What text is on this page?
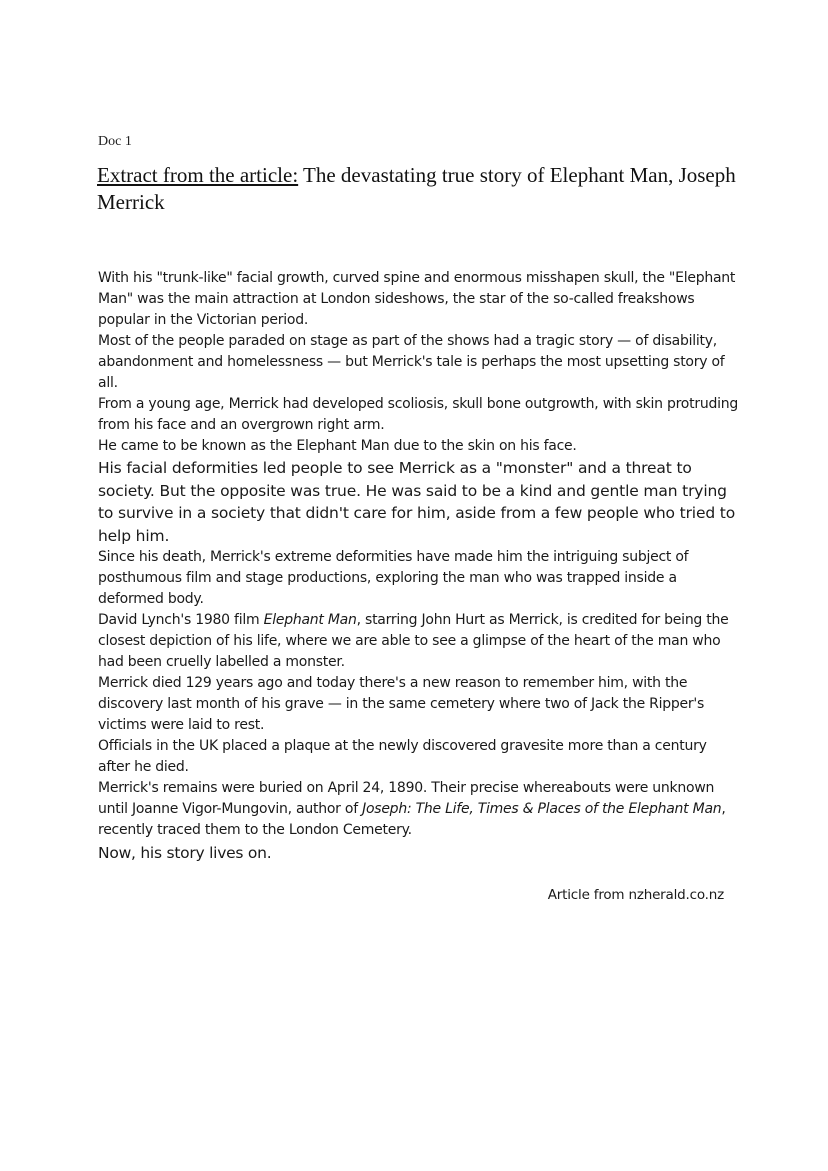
Doc 1
Extract from the article: The devastating true story of Elephant Man, Joseph Merrick

With his "trunk-like" facial growth, curved spine and enormous misshapen skull, the "Elephant Man" was the main attraction at London sideshows, the star of the so-called freakshows popular in the Victorian period.

Most of the people paraded on stage as part of the shows had a tragic story — of disability, abandonment and homelessness — but Merrick's tale is perhaps the most upsetting story of all.

From a young age, Merrick had developed scoliosis, skull bone outgrowth, with skin protruding from his face and an overgrown right arm.

He came to be known as the Elephant Man due to the skin on his face.

His facial deformities led people to see Merrick as a "monster" and a threat to society. But the opposite was true. He was said to be a kind and gentle man trying to survive in a society that didn't care for him, aside from a few people who tried to help him.

Since his death, Merrick's extreme deformities have made him the intriguing subject of posthumous film and stage productions, exploring the man who was trapped inside a deformed body.

David Lynch's 1980 film Elephant Man, starring John Hurt as Merrick, is credited for being the closest depiction of his life, where we are able to see a glimpse of the heart of the man who had been cruelly labelled a monster.

Merrick died 129 years ago and today there's a new reason to remember him, with the discovery last month of his grave — in the same cemetery where two of Jack the Ripper's victims were laid to rest.

Officials in the UK placed a plaque at the newly discovered gravesite more than a century after he died.

Merrick's remains were buried on April 24, 1890. Their precise whereabouts were unknown until Joanne Vigor-Mungovin, author of Joseph: The Life, Times & Places of the Elephant Man, recently traced them to the London Cemetery.

Now, his story lives on.

Article from nzherald.co.nz
